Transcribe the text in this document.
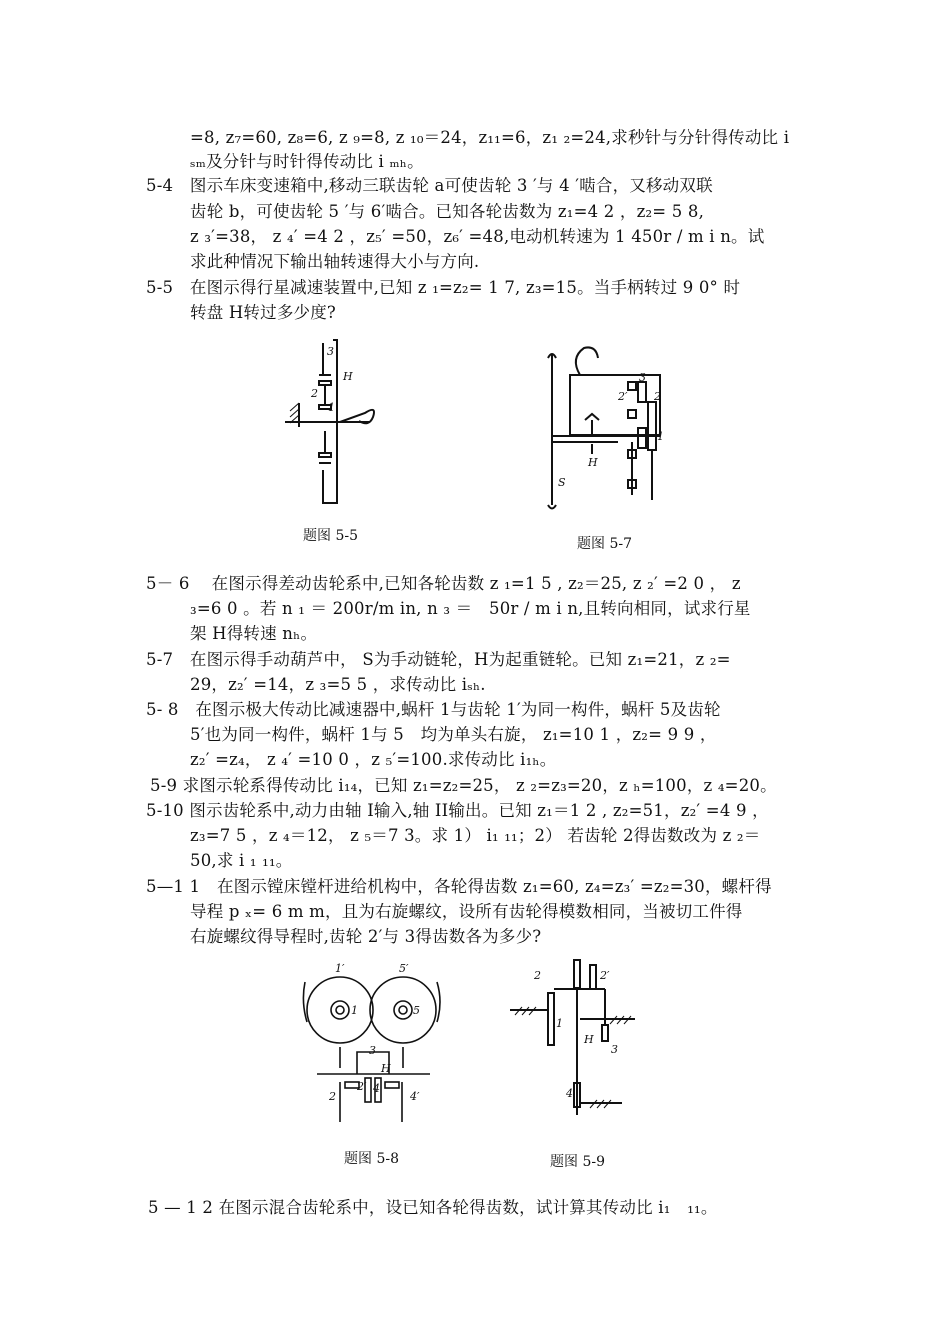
=8, z₇=60, z₈=6, z ₉=8, z ₁₀＝24，z₁₁=6，z₁ ₂=24,求秒针与分针得传动比 i
ₛₘ及分针与时针得传动比 i ₘₕ。
5-4　图示车床变速箱中,移动三联齿轮 a可使齿轮 3 ′与 4 ′啮合，又移动双联
齿轮 b，可使齿轮 5 ′与 6′啮合。已知各轮齿数为 z₁=4 2 ，z₂= 5 8,
z ₃′=38， z ₄′ =4 2 ，z₅′ =50，z₆′ =48,电动机转速为 1 450r / m i n。试
求此种情况下输出轴转速得大小与方向.
5-5　在图示得行星减速装置中,已知 z ₁=z₂= 1 7, z₃=15。当手柄转过 9 0° 时
转盘 H转过多少度?
3
H
2
1
题图 5-5
3
2′ 2
1
H
S
题图 5-7
5－ 6　 在图示得差动齿轮系中,已知各轮齿数 z ₁=1 5 , z₂＝25, z ₂′ =2 0 ， z
₃=6 0 。若 n ₁ ＝ 200r/m in, n ₃ ＝　50r / m i n,且转向相同，试求行星
架 H得转速 nₕ。
5-7　在图示得手动葫芦中， S为手动链轮，H为起重链轮。已知 z₁=21，z ₂=
29，z₂′ =14，z ₃=5 5 ，求传动比 iₛₕ.
5- 8　在图示极大传动比减速器中,蜗杆 1与齿轮 1′为同一构件，蜗杆 5及齿轮
5′也为同一构件，蜗杆 1与 5　均为单头右旋， z₁=10 1 ，z₂= 9 9 ，
z₂′ =z₄， z ₄′ =10 0 ，z ₅′=100.求传动比 i₁ₕ。
5-9 求图示轮系得传动比 i₁₄，已知 z₁=z₂=25， z ₂=z₃=20，z ₕ=100，z ₄=20。
5-10 图示齿轮系中,动力由轴 I输入,轴 II输出。已知 z₁＝1 2 , z₂=51，z₂′ =4 9 ，
z₃=7 5 ，z ₄＝12， z ₅＝7 3。求 1） i₁ ₁₁；2） 若齿轮 2得齿数改为 z ₂＝
50,求 i ₁ ₁₁。
5—1 1　在图示镗床镗杆进给机构中，各轮得齿数 z₁=60, z₄=z₃′ =z₂=30，螺杆得
导程 p ₓ= 6 m m，且为右旋螺纹，设所有齿轮得模数相同，当被切工件得
右旋螺纹得导程时,齿轮 2′与 3得齿数各为多少?
1′	5′
1	5
3
H
2
2′ 4
4′
题图 5-8
2	2′
1
H
3
4
题图 5-9
5 — 1 2 在图示混合齿轮系中，设已知各轮得齿数，试计算其传动比 i₁　₁₁。
